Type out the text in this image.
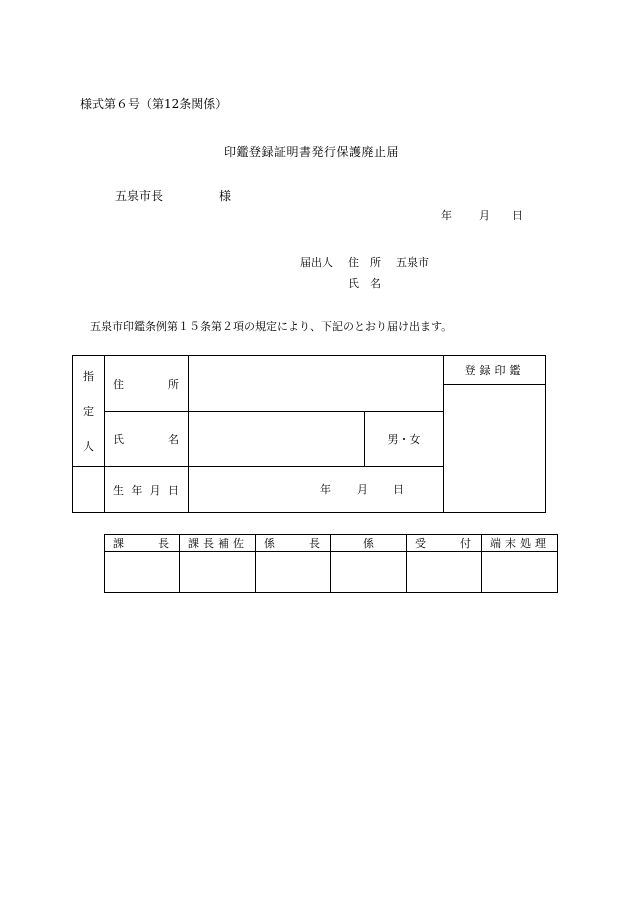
様式第６号（第12条関係）
印鑑登録証明書発行保護廃止届
五泉市長	様
年 月 日
届出人 住　所 五泉市
氏　名
五泉市印鑑条例第１５条第２項の規定により、下記のとおり届け出ます。
指
定
人	住所			登録印鑑

	氏名		男・女	

	生年月日	年 月 日		
課長	課長補佐	係長	係	受付	端末処理
